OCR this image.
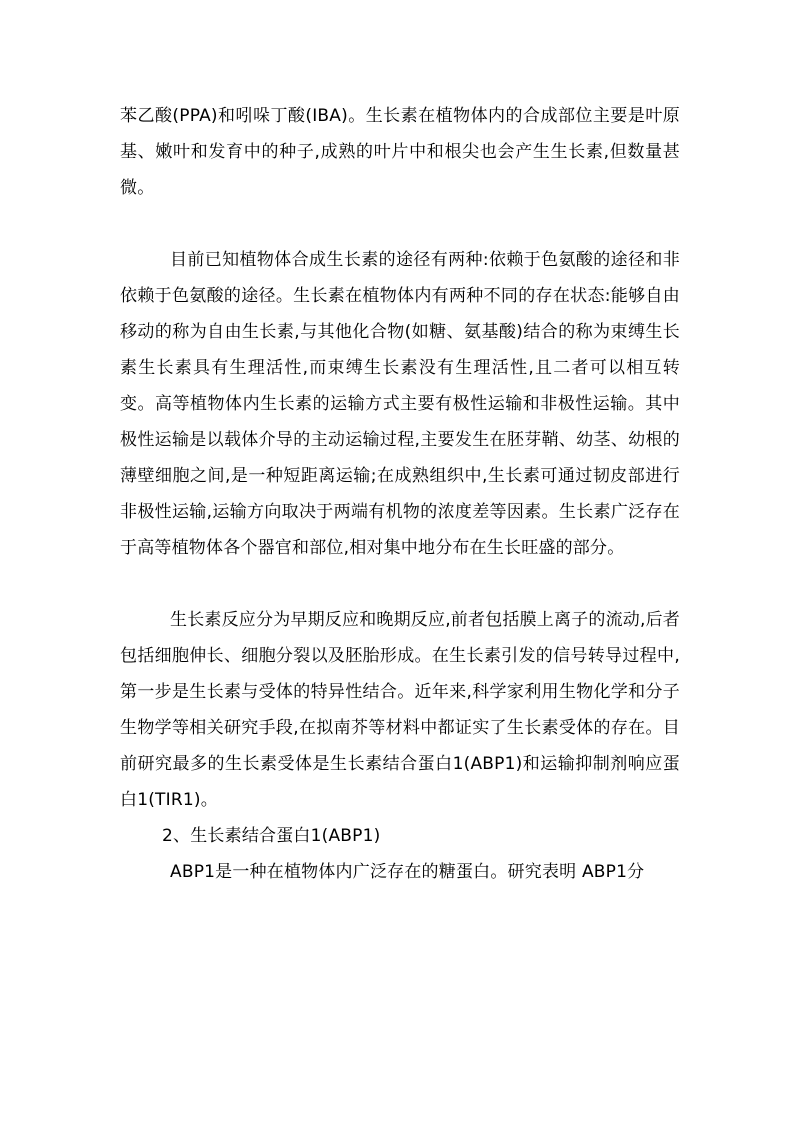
苯乙酸(PPA)和吲哚丁酸(IBA)。生长素在植物体内的合成部位主要是叶原基、嫩叶和发育中的种子,成熟的叶片中和根尖也会产生生长素,但数量甚微。

目前已知植物体合成生长素的途径有两种:依赖于色氨酸的途径和非依赖于色氨酸的途径。生长素在植物体内有两种不同的存在状态:能够自由移动的称为自由生长素,与其他化合物(如糖、氨基酸)结合的称为束缚生长素生长素具有生理活性,而束缚生长素没有生理活性,且二者可以相互转变。高等植物体内生长素的运输方式主要有极性运输和非极性运输。其中极性运输是以载体介导的主动运输过程,主要发生在胚芽鞘、幼茎、幼根的薄壁细胞之间,是一种短距离运输;在成熟组织中,生长素可通过韧皮部进行非极性运输,运输方向取决于两端有机物的浓度差等因素。生长素广泛存在于高等植物体各个器官和部位,相对集中地分布在生长旺盛的部分。

生长素反应分为早期反应和晚期反应,前者包括膜上离子的流动,后者包括细胞伸长、细胞分裂以及胚胎形成。在生长素引发的信号转导过程中,第一步是生长素与受体的特异性结合。近年来,科学家利用生物化学和分子生物学等相关研究手段,在拟南芥等材料中都证实了生长素受体的存在。目前研究最多的生长素受体是生长素结合蛋白1(ABP1)和运输抑制剂响应蛋白1(TIR1)。

2、生长素结合蛋白1(ABP1)

ABP1是一种在植物体内广泛存在的糖蛋白。研究表明 ABP1分
